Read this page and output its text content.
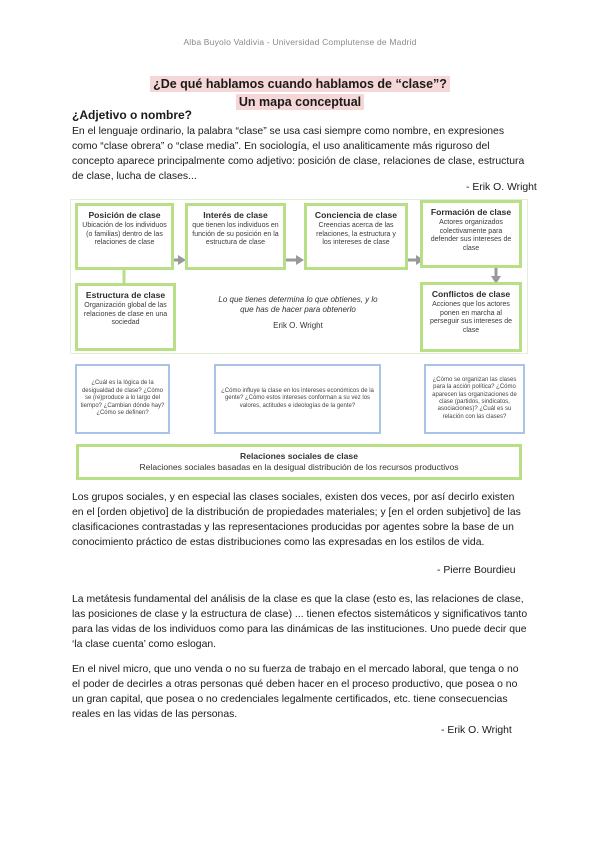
Alba Buyolo Valdivia - Universidad Complutense de Madrid
¿De qué hablamos cuando hablamos de “clase”?
Un mapa conceptual
¿Adjetivo o nombre?
En el lenguaje ordinario, la palabra “clase” se usa casi siempre como nombre, en expresiones como “clase obrera” o “clase media”. En sociología, el uso analiticamente más riguroso del concepto aparece principalmente como adjetivo: posición de clase, relaciones de clase, estructura de clase, lucha de clases...
- Erik O. Wright
Posición de clase
Ubicación de los individuos (o familias) dentro de las relaciones de clase
Interés de clase
que tienen los individuos en función de su posición en la estructura de clase
Conciencia de clase
Creencias acerca de las relaciones, la estructura y los intereses de clase
Formación de clase
Actores organizados colectivamente para defender sus intereses de clase
Estructura de clase
Organización global de las relaciones de clase en una sociedad
Conflictos de clase
Acciones que los actores ponen en marcha al perseguir sus intereses de clase
Lo que tienes determina lo que obtienes, y lo que has de hacer para obtenerlo
Erik O. Wright
¿Cuál es la lógica de la desigualdad de clase? ¿Cómo se (re)produce a lo largo del tiempo? ¿Cambian dónde hay? ¿Cómo se definen?
¿Cómo influye la clase en los intereses económicos de la gente? ¿Cómo estos intereses conforman a su vez los valores, actitudes e ideologías de la gente?
¿Cómo se organizan las clases para la acción política? ¿Cómo aparecen las organizaciones de clase (partidos, sindicatos, asociaciones)? ¿Cuál es su relación con las clases?
Relaciones sociales de clase
Relaciones sociales basadas en la desigual distribución de los recursos productivos
Los grupos sociales, y en especial las clases sociales, existen dos veces, por así decirlo existen en el [orden objetivo] de la distribución de propiedades materiales; y [en el orden subjetivo] de las clasificaciones contrastadas y las representaciones producidas por agentes sobre la base de un conocimiento práctico de estas distribuciones como las expresadas en los estilos de vida.
- Pierre Bourdieu
La metátesis fundamental del análisis de la clase es que la clase (esto es, las relaciones de clase, las posiciones de clase y la estructura de clase) ... tienen efectos sistemáticos y significativos tanto para las vidas de los individuos como para las dinámicas de las instituciones. Uno puede decir que ‘la clase cuenta’ como eslogan.
En el nivel micro, que uno venda o no su fuerza de trabajo en el mercado laboral, que tenga o no el poder de decirles a otras personas qué deben hacer en el proceso productivo, que posea o no un gran capital, que posea o no credenciales legalmente certificados, etc. tiene consecuencias reales en las vidas de las personas.
- Erik O. Wright
